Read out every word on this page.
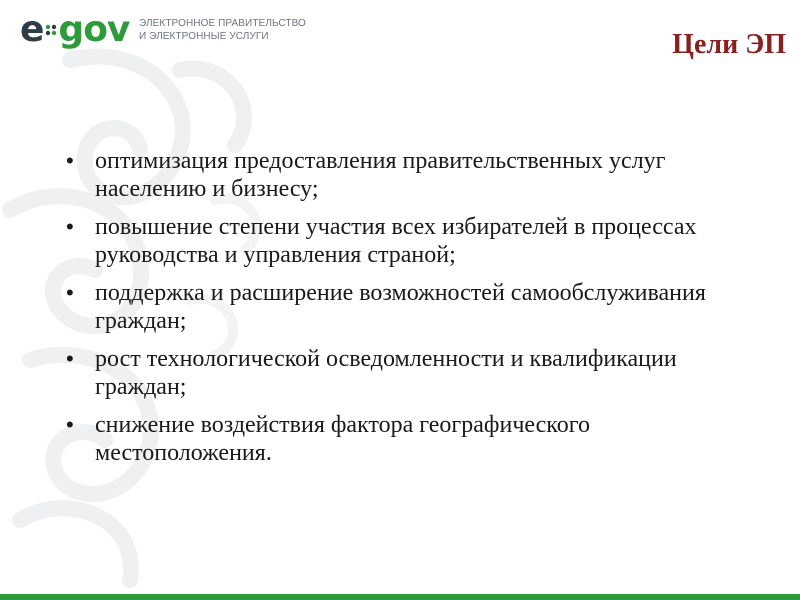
e gov ЭЛЕКТРОННОЕ ПРАВИТЕЛЬСТВО
И ЭЛЕКТРОННЫЕ УСЛУГИ	Цели ЭП
• оптимизация предоставления правительственных услуг населению и бизнесу;
• повышение степени участия всех избирателей в процессах руководства и управления страной;
• поддержка и расширение возможностей самообслуживания граждан;
• рост технологической осведомленности и квалификации граждан;
• снижение воздействия фактора географического местоположения.
